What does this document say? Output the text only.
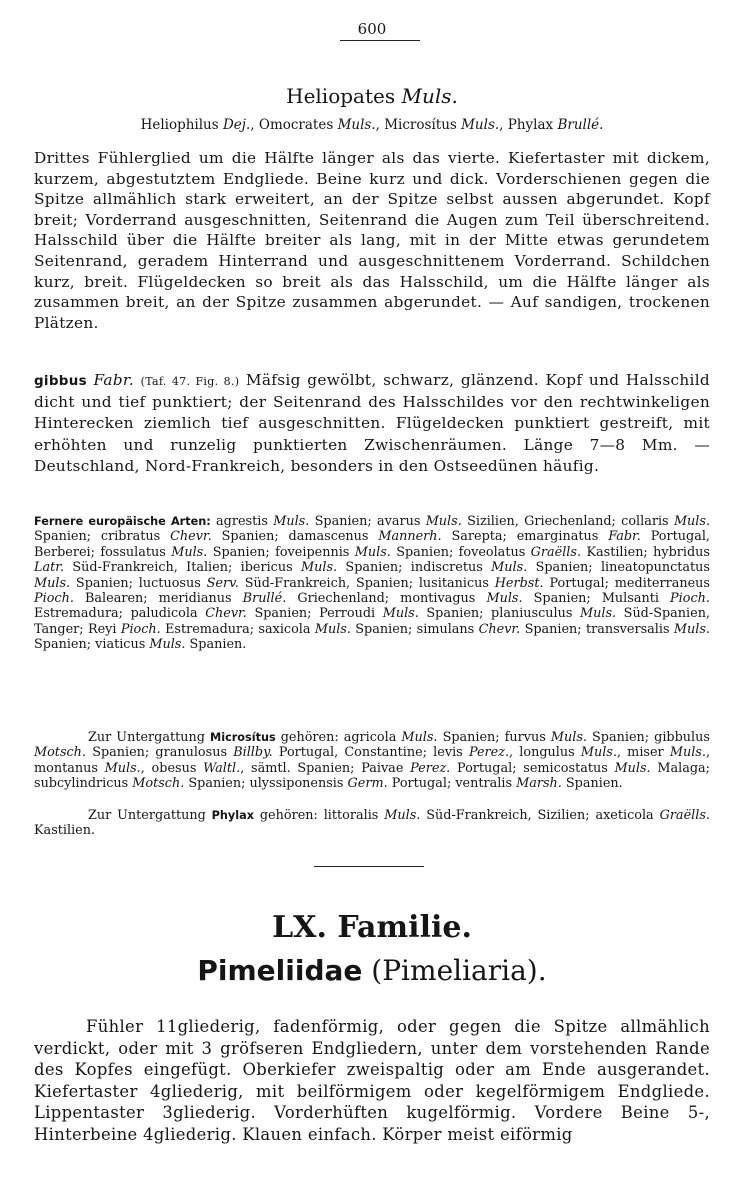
600
Heliopates Muls.
Heliophilus Dej., Omocrates Muls., Microsítus Muls., Phylax Brullé.
Drittes Fühlerglied um die Hälfte länger als das vierte. Kiefertaster mit dickem, kurzem, abgestutztem Endgliede. Beine kurz und dick. Vorderschienen gegen die Spitze allmählich stark erweitert, an der Spitze selbst aussen abgerundet. Kopf breit; Vorderrand ausgeschnitten, Seitenrand die Augen zum Teil überschreitend. Halsschild über die Hälfte breiter als lang, mit in der Mitte etwas gerundetem Seitenrand, geradem Hinterrand und ausgeschnittenem Vorderrand. Schildchen kurz, breit. Flügeldecken so breit als das Halsschild, um die Hälfte länger als zusammen breit, an der Spitze zusammen abgerundet. — Auf sandigen, trockenen Plätzen.
gibbus Fabr. (Taf. 47. Fig. 8.) Mäfsig gewölbt, schwarz, glänzend. Kopf und Halsschild dicht und tief punktiert; der Seitenrand des Halsschildes vor den rechtwinkeligen Hinterecken ziemlich tief ausgeschnitten. Flügeldecken punktiert gestreift, mit erhöhten und runzelig punktierten Zwischenräumen. Länge 7—8 Mm. — Deutschland, Nord-Frankreich, besonders in den Ostseedünen häufig.
Fernere europäische Arten: agrestis Muls. Spanien; avarus Muls. Sizilien, Griechenland; collaris Muls. Spanien; cribratus Chevr. Spanien; damascenus Mannerh. Sarepta; emarginatus Fabr. Portugal, Berberei; fossulatus Muls. Spanien; foveipennis Muls. Spanien; foveolatus Graëlls. Kastilien; hybridus Latr. Süd-Frankreich, Italien; ibericus Muls. Spanien; indiscretus Muls. Spanien; lineatopunctatus Muls. Spanien; luctuosus Serv. Süd-Frankreich, Spanien; lusitanicus Herbst. Portugal; mediterraneus Pioch. Balearen; meridianus Brullé. Griechenland; montivagus Muls. Spanien; Mulsanti Pioch. Estremadura; paludicola Chevr. Spanien; Perroudi Muls. Spanien; planiusculus Muls. Süd-Spanien, Tanger; Reyi Pioch. Estremadura; saxicola Muls. Spanien; simulans Chevr. Spanien; transversalis Muls. Spanien; viaticus Muls. Spanien.
Zur Untergattung Microsítus gehören: agricola Muls. Spanien; furvus Muls. Spanien; gibbulus Motsch. Spanien; granulosus Billby. Portugal, Constantine; levis Perez., longulus Muls., miser Muls., montanus Muls., obesus Waltl., sämtl. Spanien; Paivae Perez. Portugal; semicostatus Muls. Malaga; subcylindricus Motsch. Spanien; ulyssiponensis Germ. Portugal; ventralis Marsh. Spanien.
Zur Untergattung Phylax gehören: littoralis Muls. Süd-Frankreich, Sizilien; axeticola Graëlls. Kastilien.
LX. Familie.
Pimeliidae (Pimeliaria).
Fühler 11gliederig, fadenförmig, oder gegen die Spitze allmählich verdickt, oder mit 3 gröfseren Endgliedern, unter dem vorstehenden Rande des Kopfes eingefügt. Oberkiefer zweispaltig oder am Ende ausgerandet. Kiefertaster 4gliederig, mit beilförmigem oder kegelförmigem Endgliede. Lippentaster 3gliederig. Vorderhüften kugelförmig. Vordere Beine 5-, Hinterbeine 4gliederig. Klauen einfach. Körper meist eiförmig
